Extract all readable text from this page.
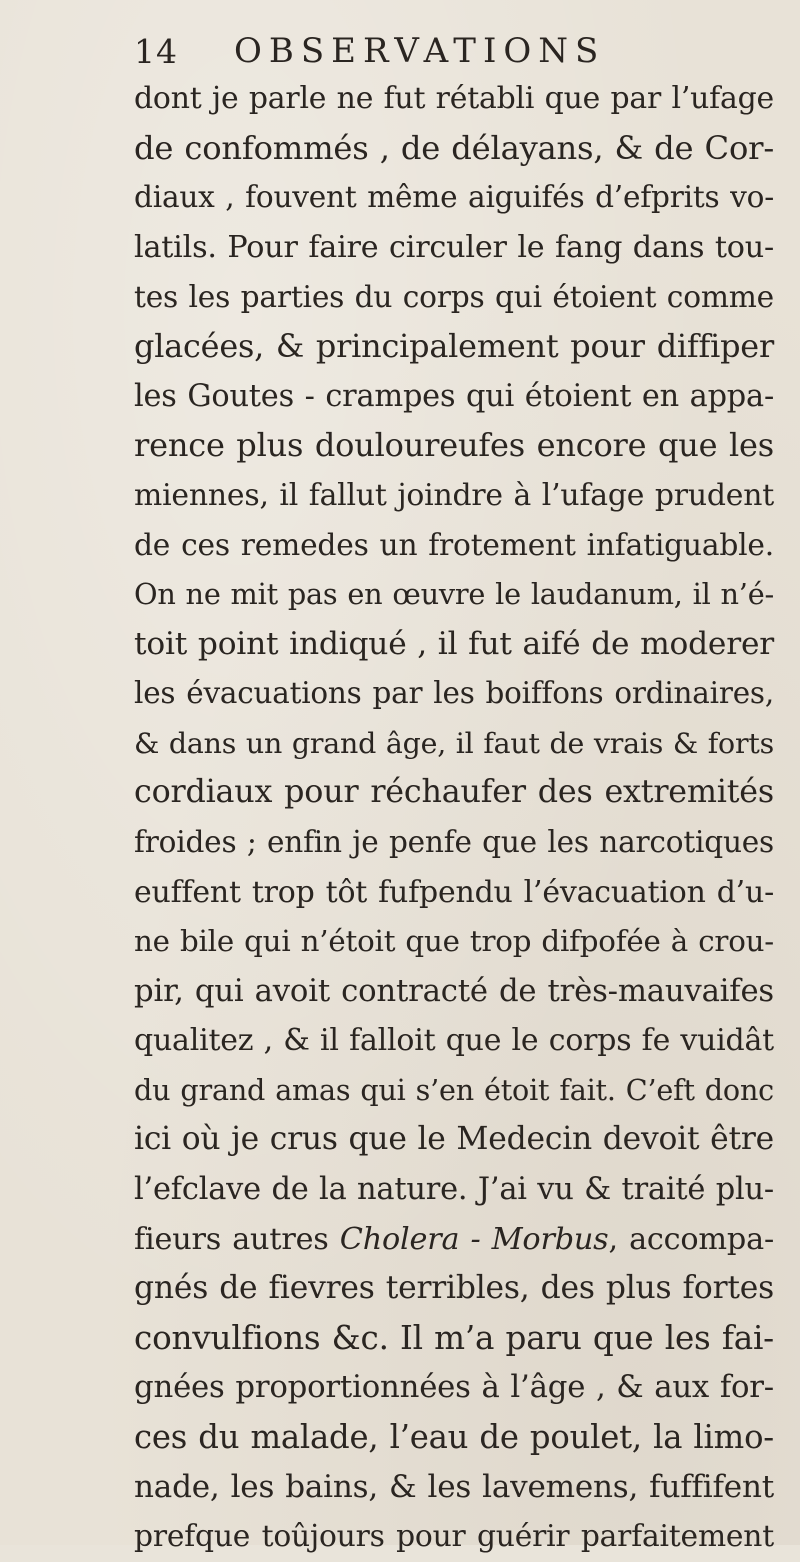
14 OBSERVATIONS
dont je parle ne fut rétabli que par l’ufage
de confommés , de délayans, & de Cor-
diaux , fouvent même aiguifés d’efprits vo-
latils. Pour faire circuler le fang dans tou-
tes les parties du corps qui étoient comme
glacées, & principalement pour diffiper
les Goutes - crampes qui étoient en appa-
rence plus douloureufes encore que les
miennes, il fallut joindre à l’ufage prudent
de ces remedes un frotement infatiguable.
On ne mit pas en œuvre le laudanum, il n’é-
toit point indiqué , il fut aifé de moderer
les évacuations par les boiffons ordinaires,
& dans un grand âge, il faut de vrais & forts
cordiaux pour réchaufer des extremités
froides ; enfin je penfe que les narcotiques
euffent trop tôt fufpendu l’évacuation d’u-
ne bile qui n’étoit que trop difpofée à crou-
pir, qui avoit contracté de très-mauvaifes
qualitez , & il falloit que le corps fe vuidât
du grand amas qui s’en étoit fait. C’eft donc
ici où je crus que le Medecin devoit être
l’efclave de la nature. J’ai vu & traité plu-
fieurs autres Cholera - Morbus, accompa-
gnés de fievres terribles, des plus fortes
convulfions &c. Il m’a paru que les fai-
gnées proportionnées à l’âge , & aux for-
ces du malade, l’eau de poulet, la limo-
nade, les bains, & les lavemens, fuffifent
prefque toûjours pour guérir parfaitement
